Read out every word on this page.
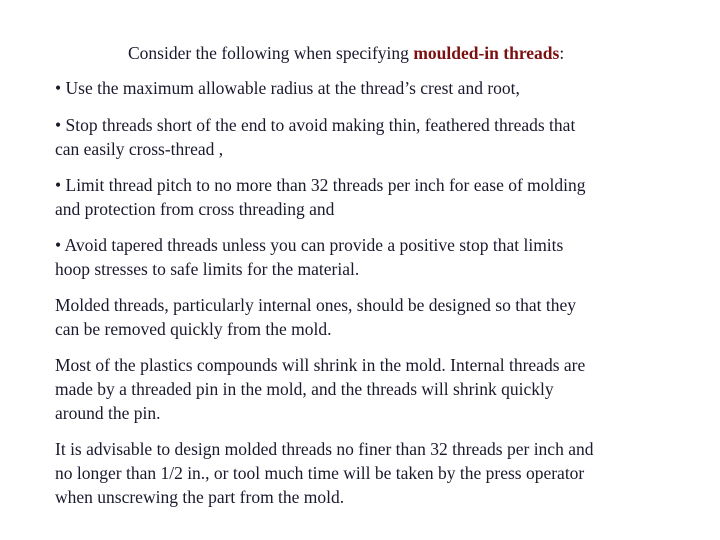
Consider the following when specifying moulded-in threads:
• Use the maximum allowable radius at the thread’s crest and root,
• Stop threads short of the end to avoid making thin, feathered threads that
can easily cross-thread ,
• Limit thread pitch to no more than 32 threads per inch for ease of molding
and protection from cross threading and
• Avoid tapered threads unless you can provide a positive stop that limits
hoop stresses to safe limits for the material.
Molded threads, particularly internal ones, should be designed so that they
can be removed quickly from the mold.
Most of the plastics compounds will shrink in the mold. Internal threads are
made by a threaded pin in the mold, and the threads will shrink quickly
around the pin.
It is advisable to design molded threads no finer than 32 threads per inch and
no longer than 1/2 in., or tool much time will be taken by the press operator
when unscrewing the part from the mold.
